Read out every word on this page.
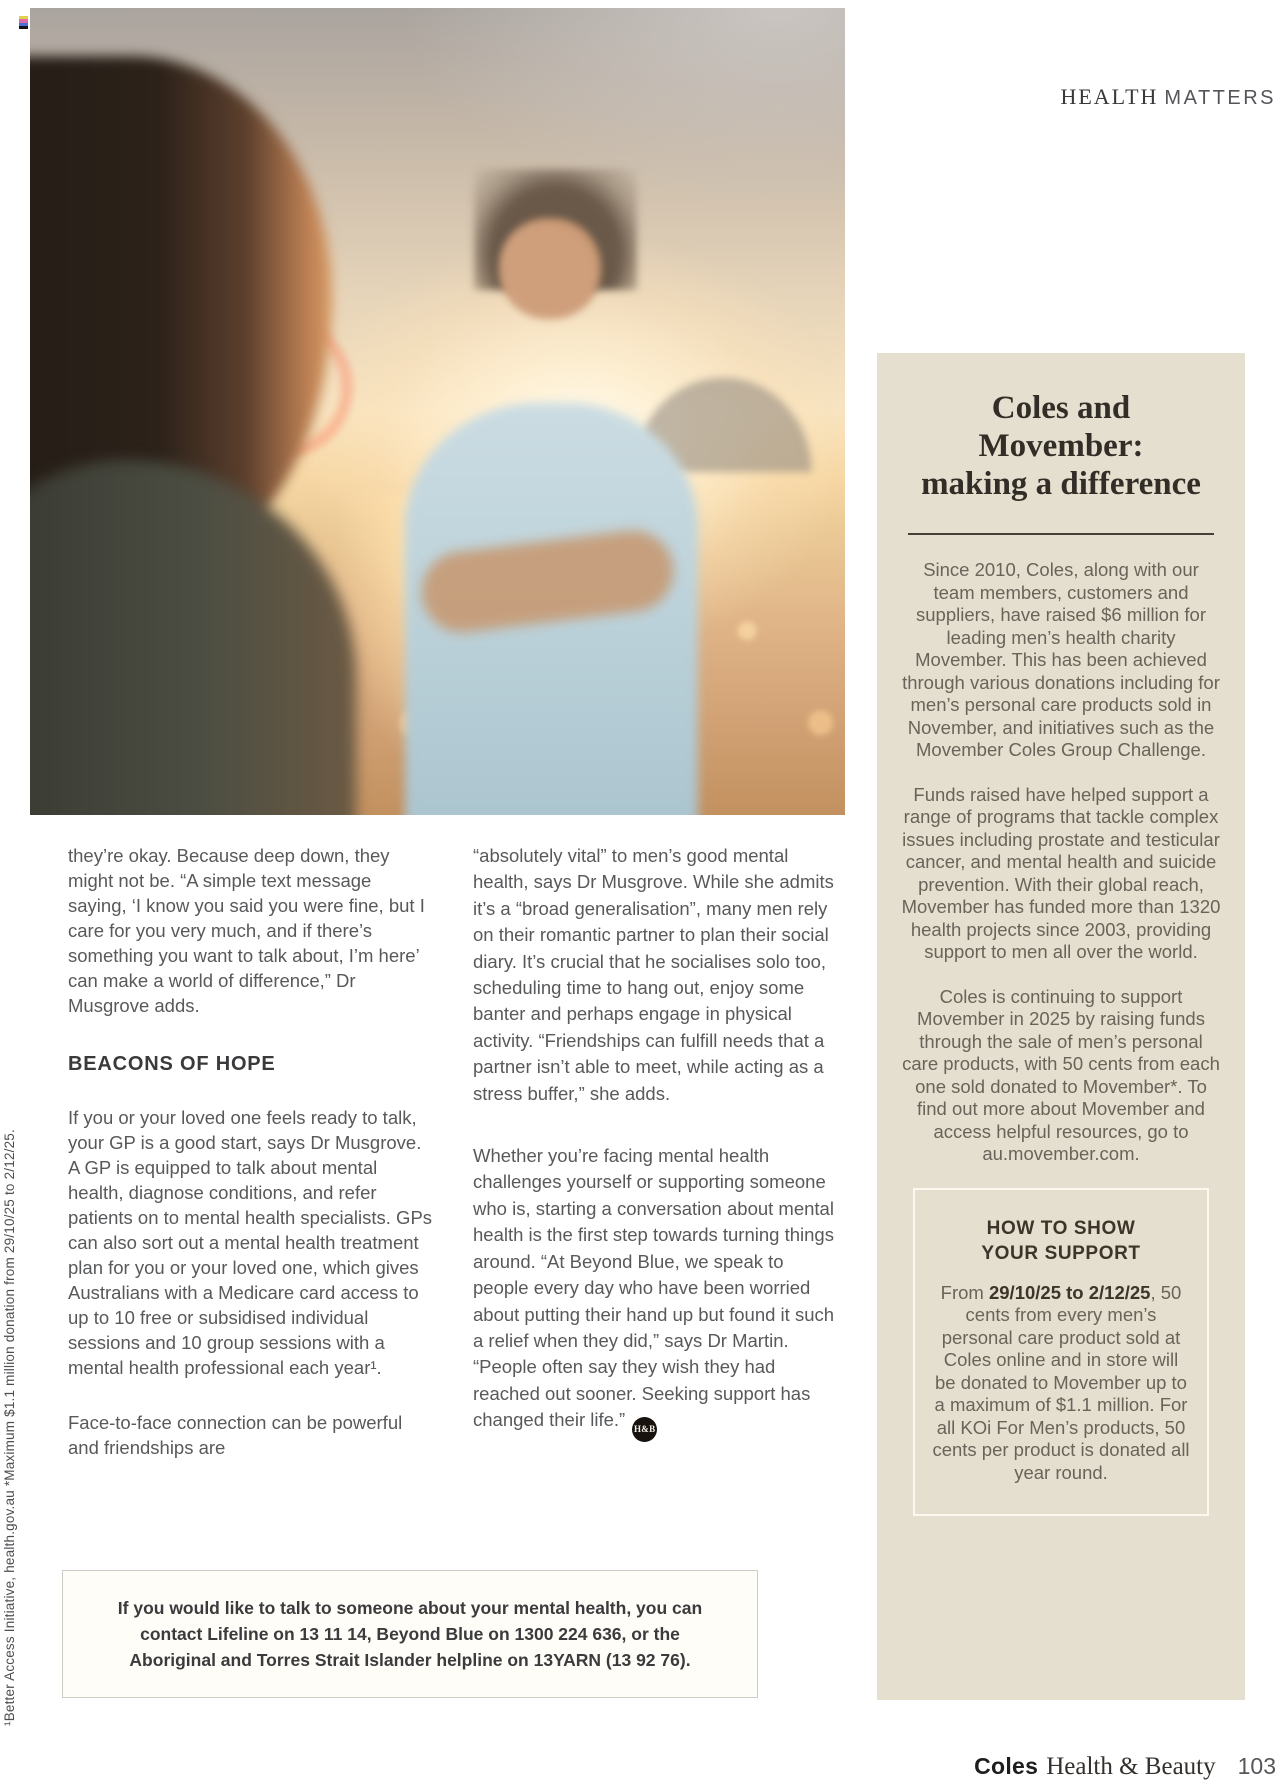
¹Better Access Initiative, health.gov.au *Maximum $1.1 million donation from 29/10/25 to 2/12/25.
HEALTH MATTERS

they’re okay. Because deep down, they might not be. “A simple text message saying, ‘I know you said you were fine, but I care for you very much, and if there’s something you want to talk about, I’m here’ can make a world of difference,” Dr Musgrove adds.

BEACONS OF HOPE

If you or your loved one feels ready to talk, your GP is a good start, says Dr Musgrove. A GP is equipped to talk about mental health, diagnose conditions, and refer patients on to mental health specialists. GPs can also sort out a mental health treatment plan for you or your loved one, which gives Australians with a Medicare card access to up to 10 free or subsidised individual sessions and 10 group sessions with a mental health professional each year¹.

Face-to-face connection can be powerful and friendships are

“absolutely vital” to men’s good mental health, says Dr Musgrove. While she admits it’s a “broad generalisation”, many men rely on their romantic partner to plan their social diary. It’s crucial that he socialises solo too, scheduling time to hang out, enjoy some banter and perhaps engage in physical activity. “Friendships can fulfill needs that a partner isn’t able to meet, while acting as a stress buffer,” she adds.

Whether you’re facing mental health challenges yourself or supporting someone who is, starting a conversation about mental health is the first step towards turning things around. “At Beyond Blue, we speak to people every day who have been worried about putting their hand up but found it such a relief when they did,” says Dr Martin. “People often say they wish they had reached out sooner. Seeking support has changed their life.” H&B

If you would like to talk to someone about your mental health, you can contact Lifeline on 13 11 14, Beyond Blue on 1300 224 636, or the Aboriginal and Torres Strait Islander helpline on 13YARN (13 92 76).

Coles and
Movember:
making a difference

Since 2010, Coles, along with our team members, customers and suppliers, have raised $6 million for leading men’s health charity Movember. This has been achieved through various donations including for men’s personal care products sold in November, and initiatives such as the Movember Coles Group Challenge.

Funds raised have helped support a range of programs that tackle complex issues including prostate and testicular cancer, and mental health and suicide prevention. With their global reach, Movember has funded more than 1320 health projects since 2003, providing support to men all over the world.

Coles is continuing to support Movember in 2025 by raising funds through the sale of men’s personal care products, with 50 cents from each one sold donated to Movember*. To find out more about Movember and access helpful resources, go to au.movember.com.

HOW TO SHOW
YOUR SUPPORT

From 29/10/25 to 2/12/25, 50 cents from every men’s personal care product sold at Coles online and in store will be donated to Movember up to a maximum of $1.1 million. For all KOi For Men’s products, 50 cents per product is donated all year round.

Coles Health & Beauty 103
